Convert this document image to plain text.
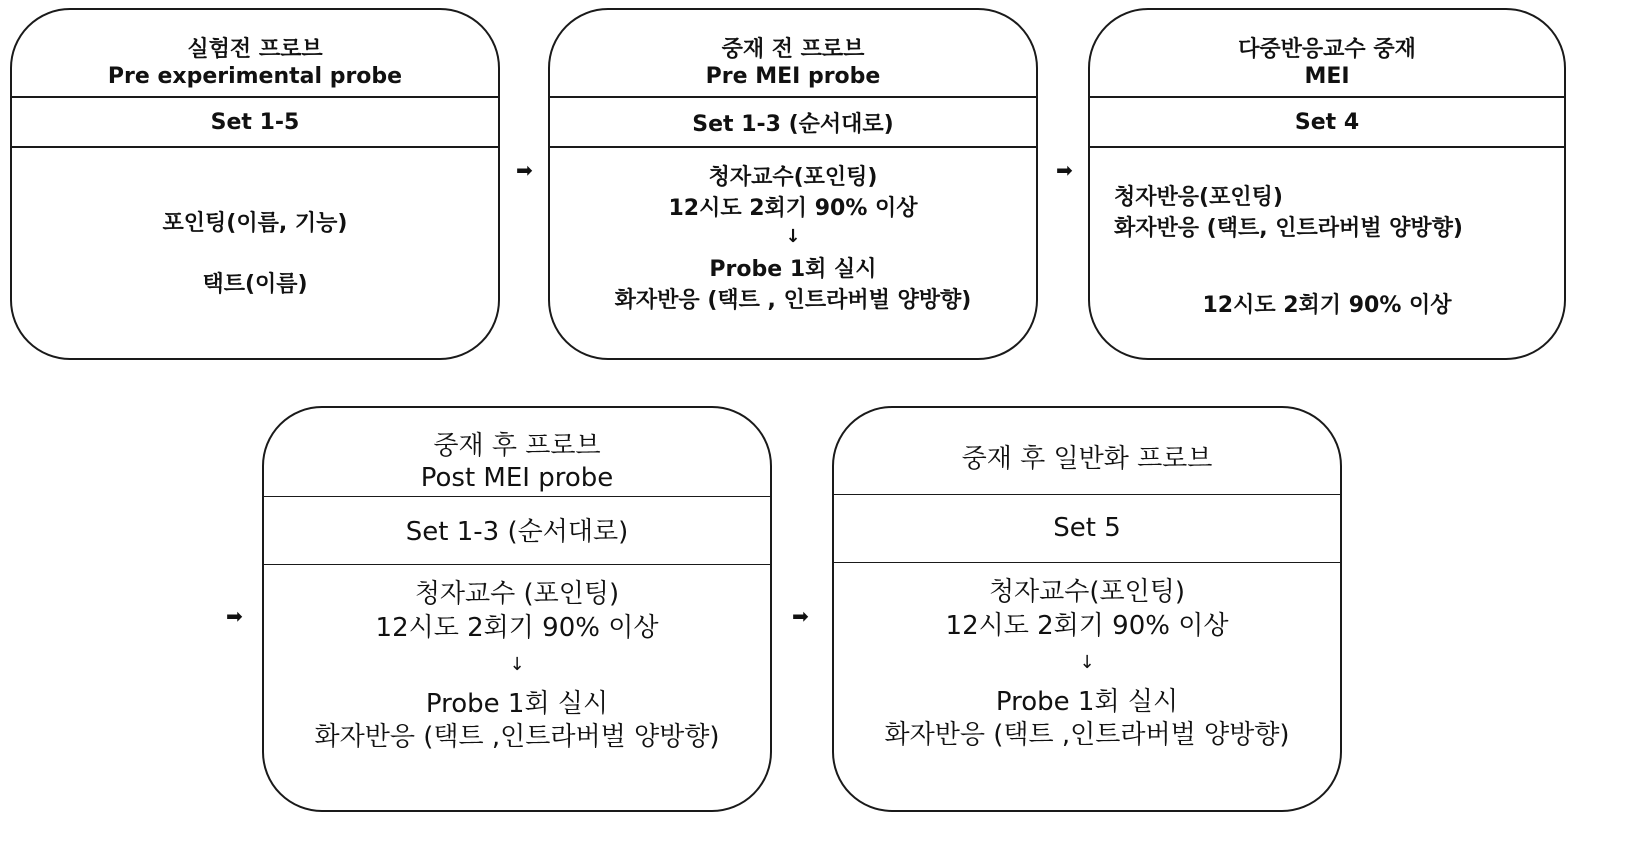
실험전 프로브
Pre experimental probe
Set 1-5
포인팅(이름, 기능)
택트(이름)
➡
중재 전 프로브
Pre MEI probe
Set 1-3 (순서대로)
청자교수(포인팅)
12시도 2회기 90% 이상
↓
Probe 1회 실시
화자반응 (택트 , 인트라버벌 양방향)
➡
다중반응교수 중재
MEI
Set 4
청자반응(포인팅)
화자반응 (택트, 인트라버벌 양방향)
12시도 2회기 90% 이상
➡
중재 후 프로브
Post MEI probe
Set 1-3 (순서대로)
청자교수 (포인팅)
12시도 2회기 90% 이상
↓
Probe 1회 실시
화자반응 (택트 ,인트라버벌 양방향)
➡
중재 후 일반화 프로브
Set 5
청자교수(포인팅)
12시도 2회기 90% 이상
↓
Probe 1회 실시
화자반응 (택트 ,인트라버벌 양방향)
